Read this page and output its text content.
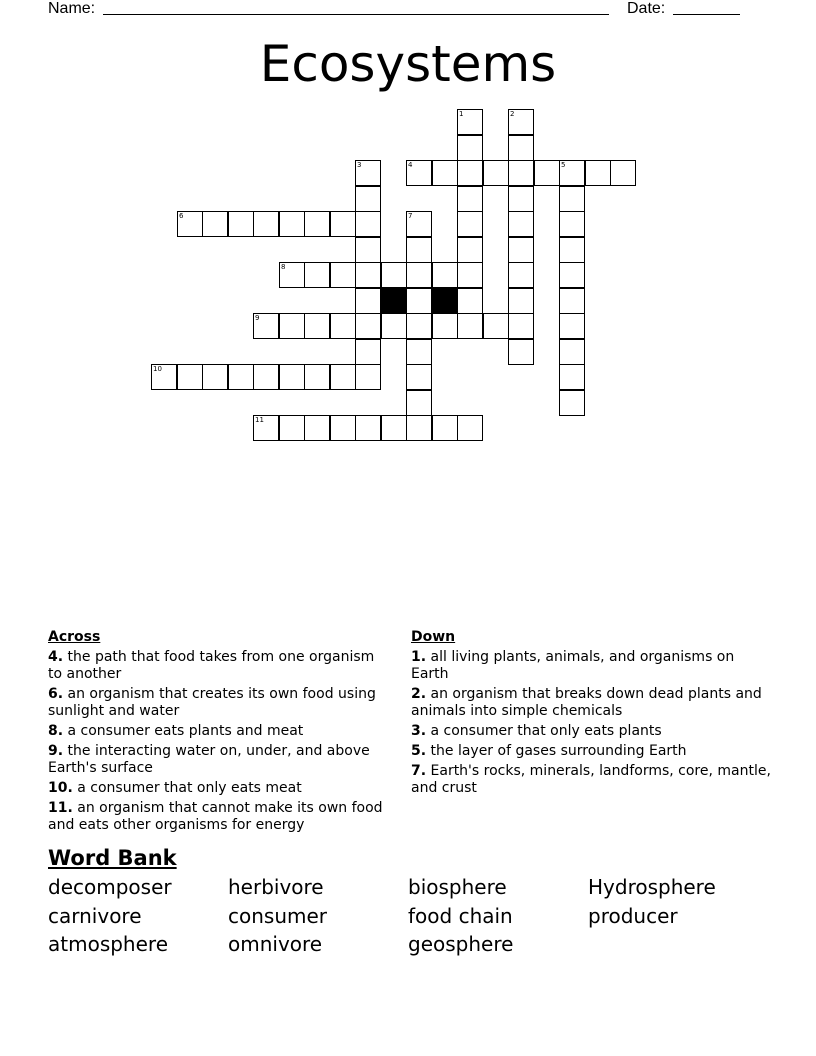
Name:	Date:
Ecosystems
1	2
3	4	5
6	7
8
9
10
11
Across
4. the path that food takes from one organism to another
6. an organism that creates its own food using sunlight and water
8. a consumer eats plants and meat
9. the interacting water on, under, and above Earth's surface
10. a consumer that only eats meat
11. an organism that cannot make its own food and eats other organisms for energy
Down
1. all living plants, animals, and organisms on Earth
2. an organism that breaks down dead plants and animals into simple chemicals
3. a consumer that only eats plants
5. the layer of gases surrounding Earth
7. Earth's rocks, minerals, landforms, core, mantle, and crust
Word Bank
decomposer	herbivore	biosphere	Hydrosphere
carnivore	consumer	food chain	producer
atmosphere	omnivore	geosphere
